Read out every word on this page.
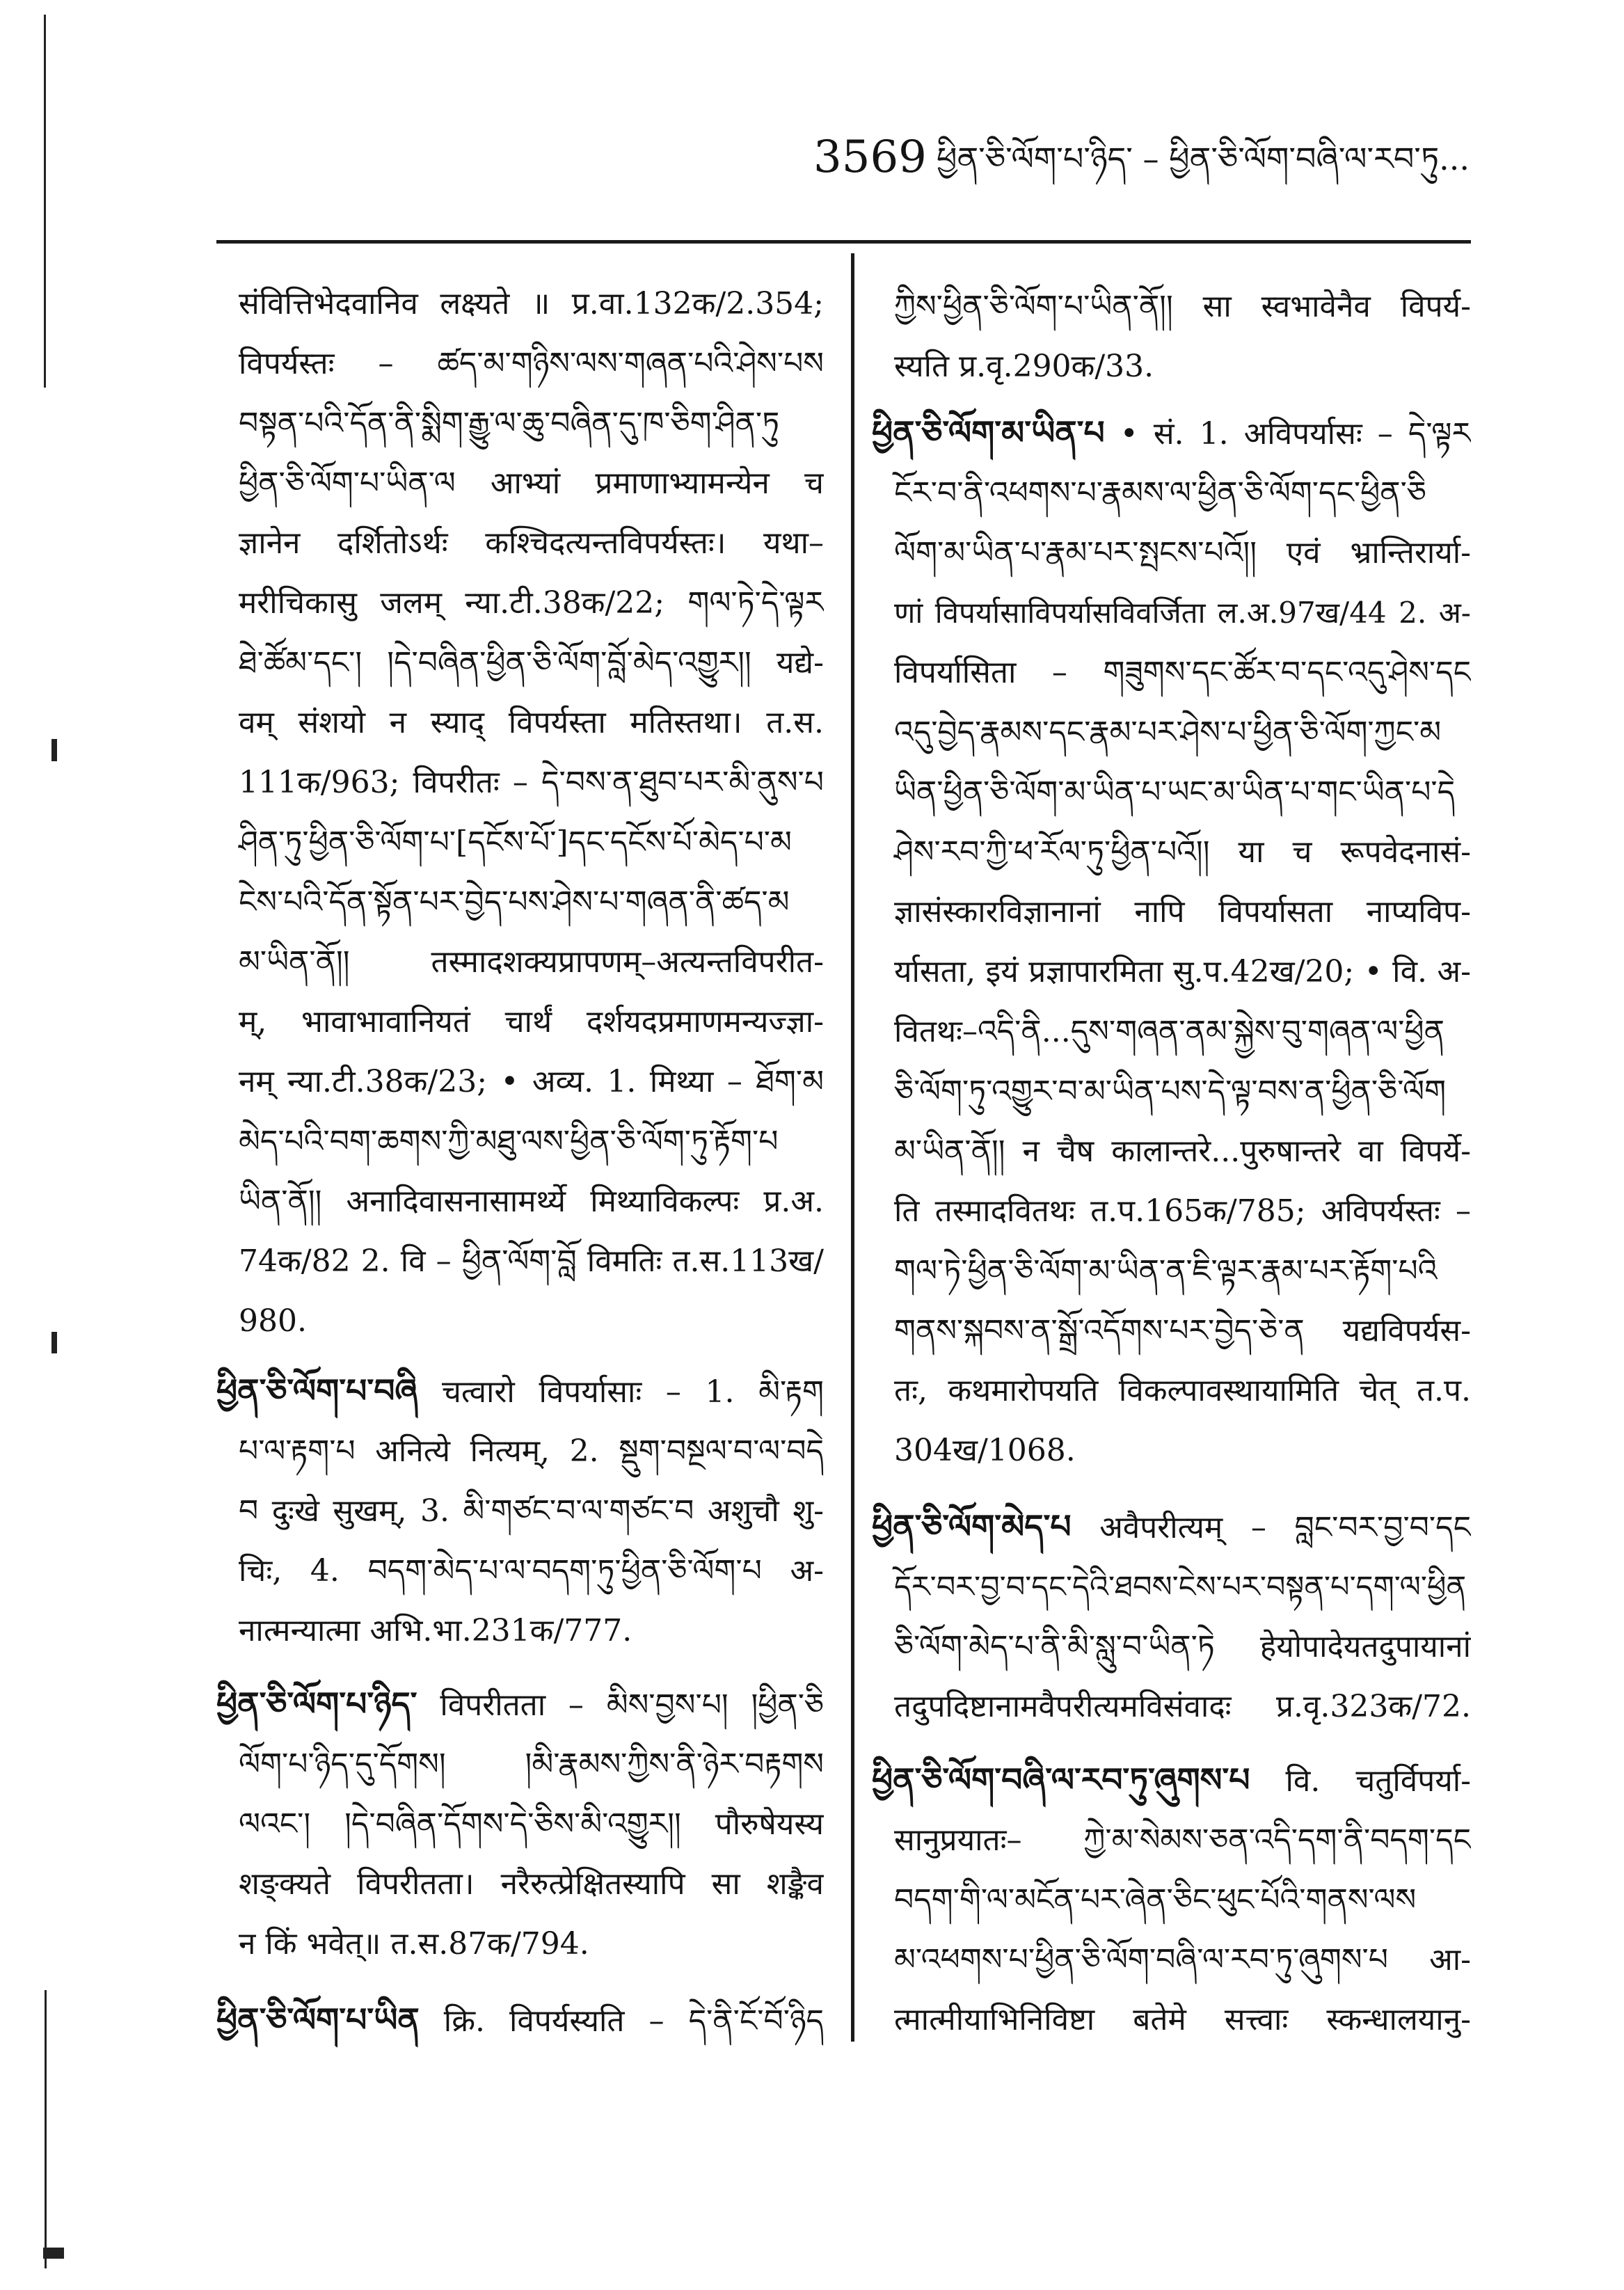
3569 ཕྱིན་ཅི་ལོག་པ་ཉིད་ – ཕྱིན་ཅི་ལོག་བཞི་ལ་རབ་ཏུ...
संवित्तिभेदवानिव लक्ष्यते ॥ प्र.वा.132क/2.354;
विपर्यस्तः – ཚད་མ་གཉིས་ལས་གཞན་པའི་ཤེས་པས
བསྟན་པའི་དོན་ནི་སྨིག་རྒྱུ་ལ་ཆུ་བཞིན་དུ་ཁ་ཅིག་ཤིན་ཏུ
ཕྱིན་ཅི་ལོག་པ་ཡིན་ལ आभ्यां प्रमाणाभ्यामन्येन च
ज्ञानेन दर्शितोऽर्थः कश्चिदत्यन्तविपर्यस्तः। यथा–
मरीचिकासु जलम् न्या.टी.38क/22; གལ་ཏེ་དེ་ལྟར
ཐེ་ཚོམ་དང་། །དེ་བཞིན་ཕྱིན་ཅི་ལོག་བློ་མེད་འགྱུར།། यद्ये-
वम् संशयो न स्याद् विपर्यस्ता मतिस्तथा। त.स.
111क/963; विपरीतः – དེ་བས་ན་ཐུབ་པར་མི་ནུས་པ
ཤིན་ཏུ་ཕྱིན་ཅི་ལོག་པ་[དངོས་པོ་]དང་དངོས་པོ་མེད་པ་མ
ངེས་པའི་དོན་སྟོན་པར་བྱེད་པས་ཤེས་པ་གཞན་ནི་ཚད་མ
མ་ཡིན་ནོ།། तस्मादशक्यप्रापणम्–अत्यन्तविपरीत-
म्, भावाभावानियतं चार्थं दर्शयदप्रमाणमन्यज्ज्ञा-
नम् न्या.टी.38क/23; • अव्य. 1. मिथ्या – ཐོག་མ
མེད་པའི་བག་ཆགས་ཀྱི་མཐུ་ལས་ཕྱིན་ཅི་ལོག་ཏུ་རྟོག་པ
ཡིན་ནོ།། अनादिवासनासामर्थ्ये मिथ्याविकल्पः प्र.अ.
74क/82 2. वि – ཕྱིན་ལོག་བློ विमतिः त.स.113ख/
980.
ཕྱིན་ཅི་ལོག་པ་བཞི चत्वारो विपर्यासाः – 1. མི་རྟག
པ་ལ་རྟག་པ अनित्ये नित्यम्, 2. སྡུག་བསྔལ་བ་ལ་བདེ
བ दुःखे सुखम्, 3. མི་གཙང་བ་ལ་གཙང་བ अशुचौ शु-
चिः, 4. བདག་མེད་པ་ལ་བདག་ཏུ་ཕྱིན་ཅི་ལོག་པ अ-
नात्मन्यात्मा अभि.भा.231क/777.
ཕྱིན་ཅི་ལོག་པ་ཉིད་ विपरीतता – མིས་བྱས་པ། །ཕྱིན་ཅི
ལོག་པ་ཉིད་དུ་དོགས། །མི་རྣམས་ཀྱིས་ནི་ཉེར་བརྟགས
ལའང་། །དེ་བཞིན་དོགས་དེ་ཅིས་མི་འགྱུར།། पौरुषेयस्य
शङ्क्यते विपरीतता। नरैरुत्प्रेक्षितस्यापि सा शङ्कैव
न किं भवेत्॥ त.स.87क/794.
ཕྱིན་ཅི་ལོག་པ་ཡིན क्रि. विपर्यस्यति – དེ་ནི་ངོ་བོ་ཉིད
ཀྱིས་ཕྱིན་ཅི་ལོག་པ་ཡིན་ནོ།། सा स्वभावेनैव विपर्य-
स्यति प्र.वृ.290क/33.
ཕྱིན་ཅི་ལོག་མ་ཡིན་པ • सं. 1. अविपर्यासः – དེ་ལྟར
ངོར་བ་ནི་འཕགས་པ་རྣམས་ལ་ཕྱིན་ཅི་ལོག་དང་ཕྱིན་ཅི
ལོག་མ་ཡིན་པ་རྣམ་པར་སྤངས་པའོ།། एवं भ्रान्तिरार्या-
णां विपर्यासाविपर्यासविवर्जिता ल.अ.97ख/44 2. अ-
विपर्यासिता – གཟུགས་དང་ཚོར་བ་དང་འདུ་ཤེས་དང
འདུ་བྱེད་རྣམས་དང་རྣམ་པར་ཤེས་པ་ཕྱིན་ཅི་ལོག་ཀྱང་མ
ཡིན་ཕྱིན་ཅི་ལོག་མ་ཡིན་པ་ཡང་མ་ཡིན་པ་གང་ཡིན་པ་དེ
ཤེས་རབ་ཀྱི་ཕ་རོལ་ཏུ་ཕྱིན་པའོ།། या च रूपवेदनासं-
ज्ञासंस्कारविज्ञानानां नापि विपर्यासता नाप्यविप-
र्यासता, इयं प्रज्ञापारमिता सु.प.42ख/20; • वि. अ-
वितथः–འདི་ནི...དུས་གཞན་ནམ་སྐྱེས་བུ་གཞན་ལ་ཕྱིན
ཅི་ལོག་ཏུ་འགྱུར་བ་མ་ཡིན་པས་དེ་ལྟ་བས་ན་ཕྱིན་ཅི་ལོག
མ་ཡིན་ནོ།། न चैष कालान्तरे...पुरुषान्तरे वा विपर्ये-
ति तस्मादवितथः त.प.165क/785; अविपर्यस्तः –
གལ་ཏེ་ཕྱིན་ཅི་ལོག་མ་ཡིན་ན་ཇི་ལྟར་རྣམ་པར་རྟོག་པའི
གནས་སྐབས་ན་སྒྲོ་འདོགས་པར་བྱེད་ཅེ་ན यद्यविपर्यस-
तः, कथमारोपयति विकल्पावस्थायामिति चेत् त.प.
304ख/1068.
ཕྱིན་ཅི་ལོག་མེད་པ अवैपरीत्यम् – བླང་བར་བྱ་བ་དང
དོར་བར་བྱ་བ་དང་དེའི་ཐབས་ངེས་པར་བསྟན་པ་དག་ལ་ཕྱིན
ཅི་ལོག་མེད་པ་ནི་མི་སླུ་བ་ཡིན་ཏེ हेयोपादेयतदुपायानां
तदुपदिष्टानामवैपरीत्यमविसंवादः प्र.वृ.323क/72.
ཕྱིན་ཅི་ལོག་བཞི་ལ་རབ་ཏུ་ཞུགས་པ वि. चतुर्विपर्या-
सानुप्रयातः– ཀྱེ་མ་སེམས་ཅན་འདི་དག་ནི་བདག་དང
བདག་གི་ལ་མངོན་པར་ཞེན་ཅིང་ཕུང་པོའི་གནས་ལས
མ་འཕགས་པ་ཕྱིན་ཅི་ལོག་བཞི་ལ་རབ་ཏུ་ཞུགས་པ आ-
त्मात्मीयाभिनिविष्टा बतेमे सत्त्वाः स्कन्धालयानु-
